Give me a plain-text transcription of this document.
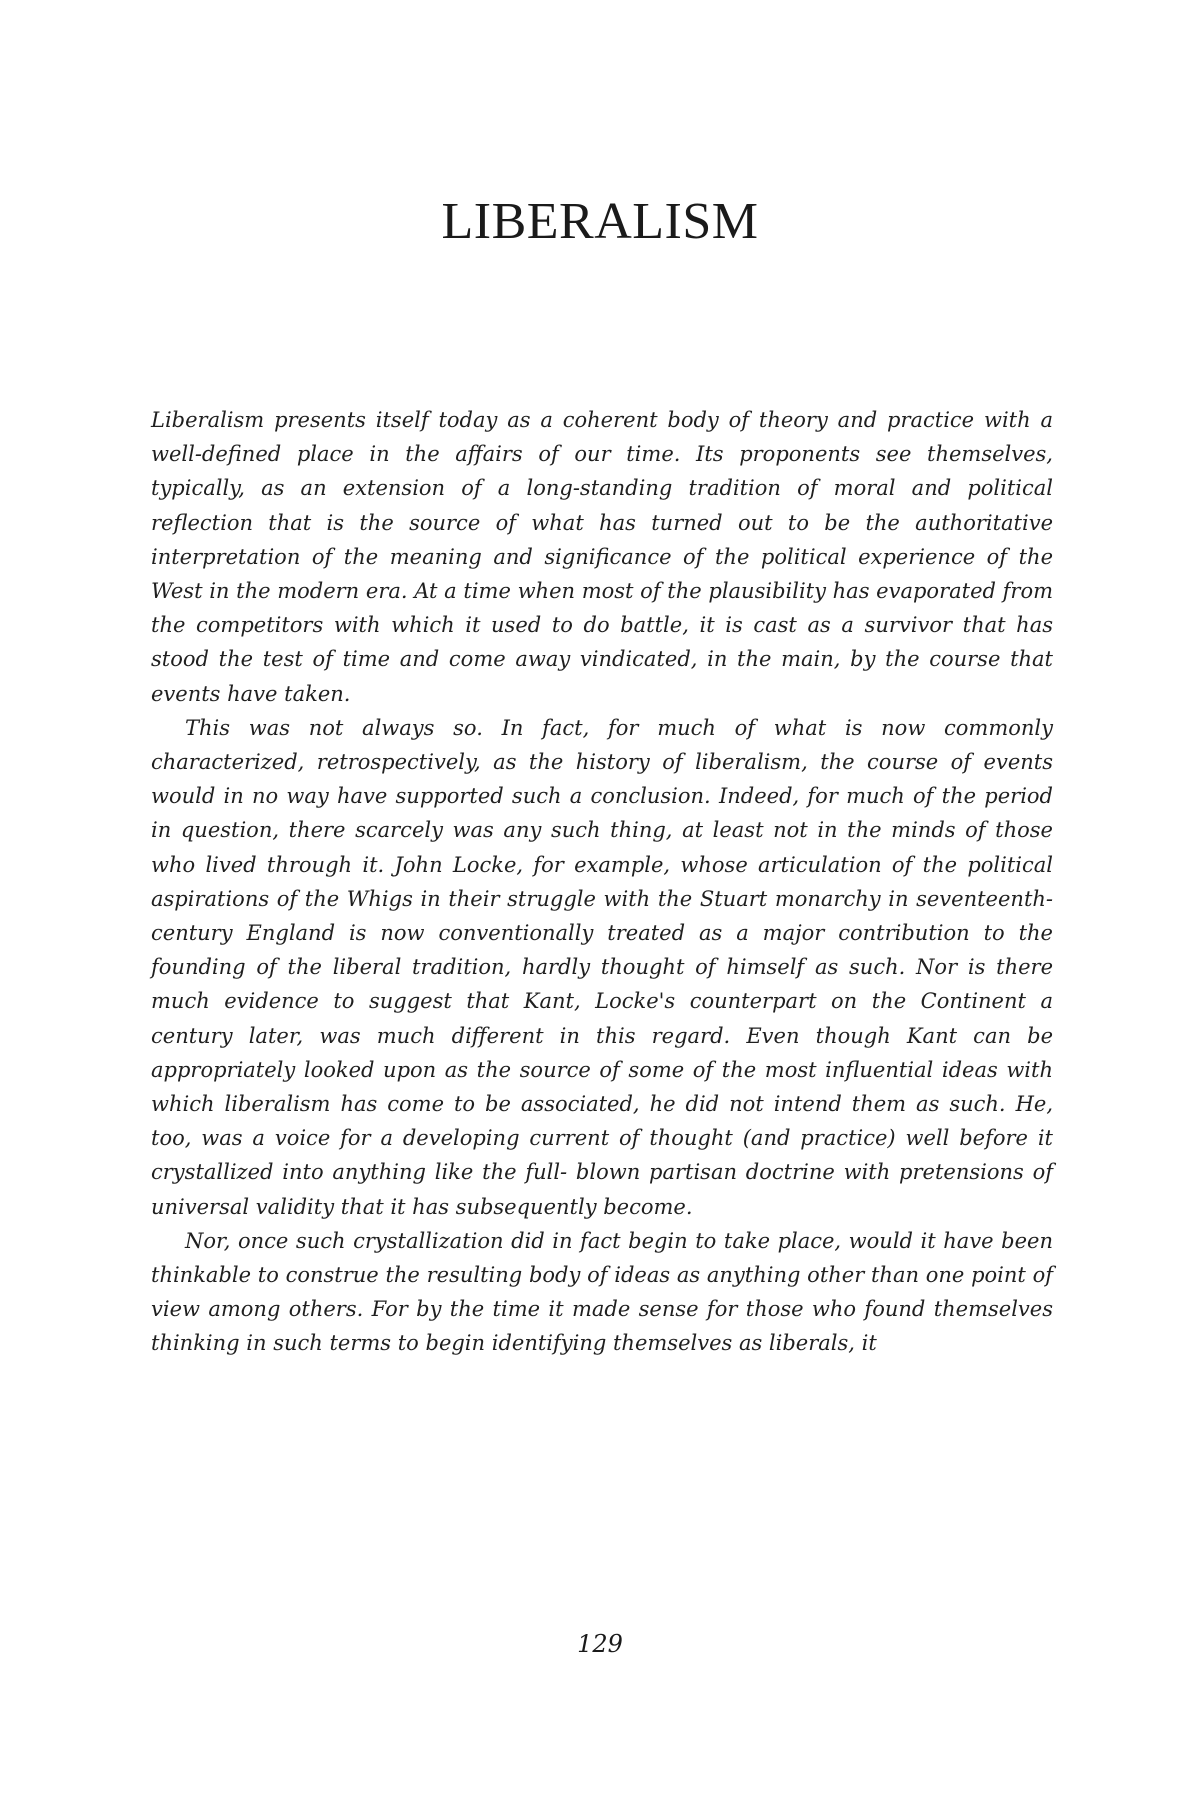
LIBERALISM

Liberalism presents itself today as a coherent body of theory and practice with a well-defined place in the affairs of our time. Its proponents see themselves, typically, as an extension of a long-standing tradition of moral and political reflection that is the source of what has turned out to be the authoritative interpretation of the meaning and significance of the political experience of the West in the modern era. At a time when most of the plausibility has evaporated from the competitors with which it used to do battle, it is cast as a survivor that has stood the test of time and come away vindicated, in the main, by the course that events have taken.

This was not always so. In fact, for much of what is now commonly characterized, retrospectively, as the history of liberalism, the course of events would in no way have supported such a conclusion. Indeed, for much of the period in question, there scarcely was any such thing, at least not in the minds of those who lived through it. John Locke, for example, whose articulation of the political aspirations of the Whigs in their struggle with the Stuart monarchy in seventeenth-century England is now conventionally treated as a major contribution to the founding of the liberal tradition, hardly thought of himself as such. Nor is there much evidence to suggest that Kant, Locke's counterpart on the Continent a century later, was much different in this regard. Even though Kant can be appropriately looked upon as the source of some of the most influential ideas with which liberalism has come to be associated, he did not intend them as such. He, too, was a voice for a developing current of thought (and practice) well before it crystallized into anything like the full- blown partisan doctrine with pretensions of universal validity that it has subsequently become.

Nor, once such crystallization did in fact begin to take place, would it have been thinkable to construe the resulting body of ideas as anything other than one point of view among others. For by the time it made sense for those who found themselves thinking in such terms to begin identifying themselves as liberals, it

129
